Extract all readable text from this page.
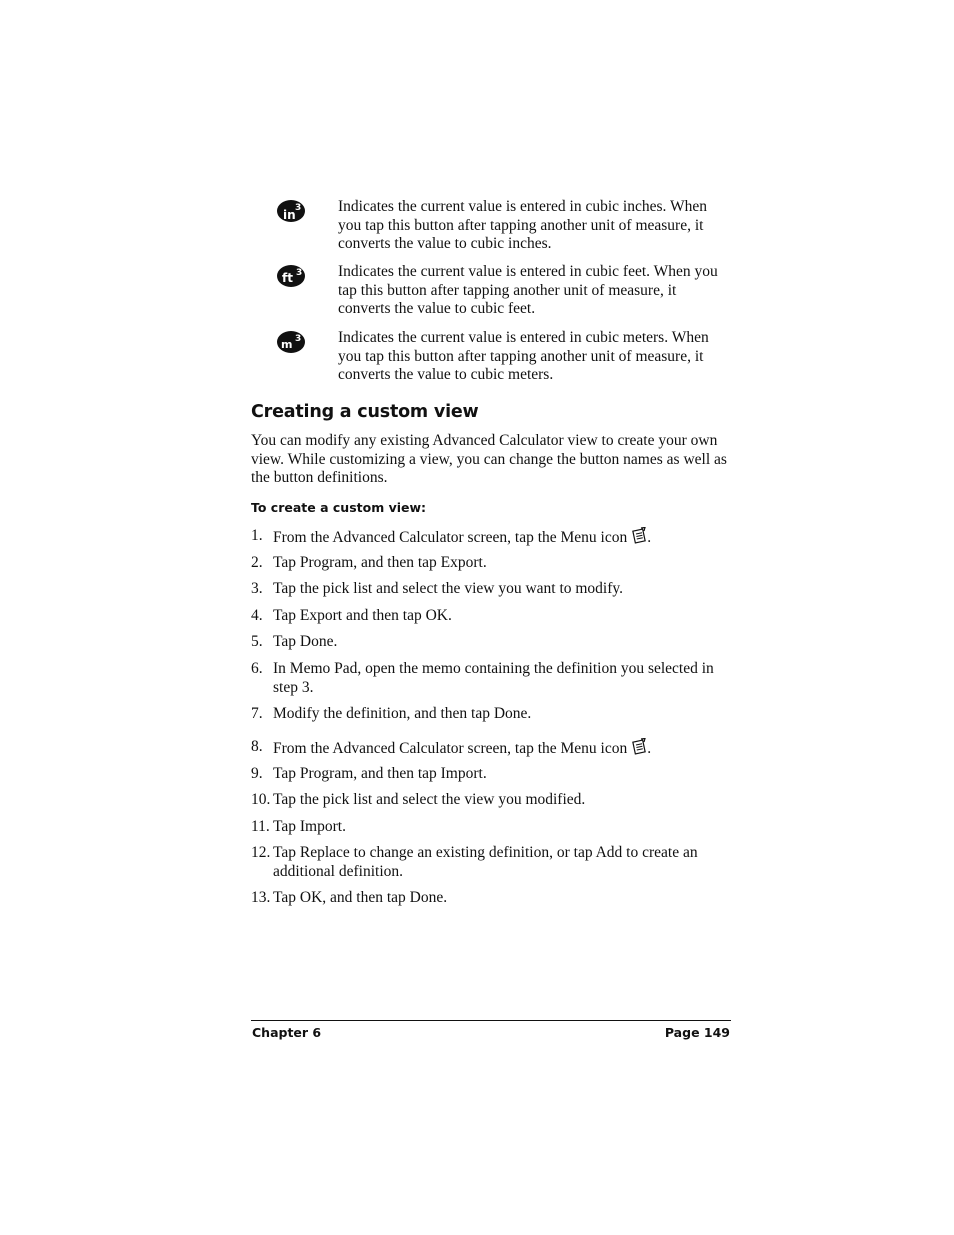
in 3 Indicates the current value is entered in cubic inches. When you tap this button after tapping another unit of measure, it converts the value to cubic inches.
ft 3 Indicates the current value is entered in cubic feet. When you tap this button after tapping another unit of measure, it converts the value to cubic feet.
m 3 Indicates the current value is entered in cubic meters. When you tap this button after tapping another unit of measure, it converts the value to cubic meters.
Creating a custom view

You can modify any existing Advanced Calculator view to create your own view. While customizing a view, you can change the button names as well as the button definitions.

To create a custom view:
1. From the Advanced Calculator screen, tap the Menu icon .
2. Tap Program, and then tap Export.
3. Tap the pick list and select the view you want to modify.
4. Tap Export and then tap OK.
5. Tap Done.
6. In Memo Pad, open the memo containing the definition you selected in step 3.
7. Modify the definition, and then tap Done.
8. From the Advanced Calculator screen, tap the Menu icon .
9. Tap Program, and then tap Import.
10. Tap the pick list and select the view you modified.
11. Tap Import.
12. Tap Replace to change an existing definition, or tap Add to create an additional definition.
13. Tap OK, and then tap Done.
Chapter 6	Page 149
